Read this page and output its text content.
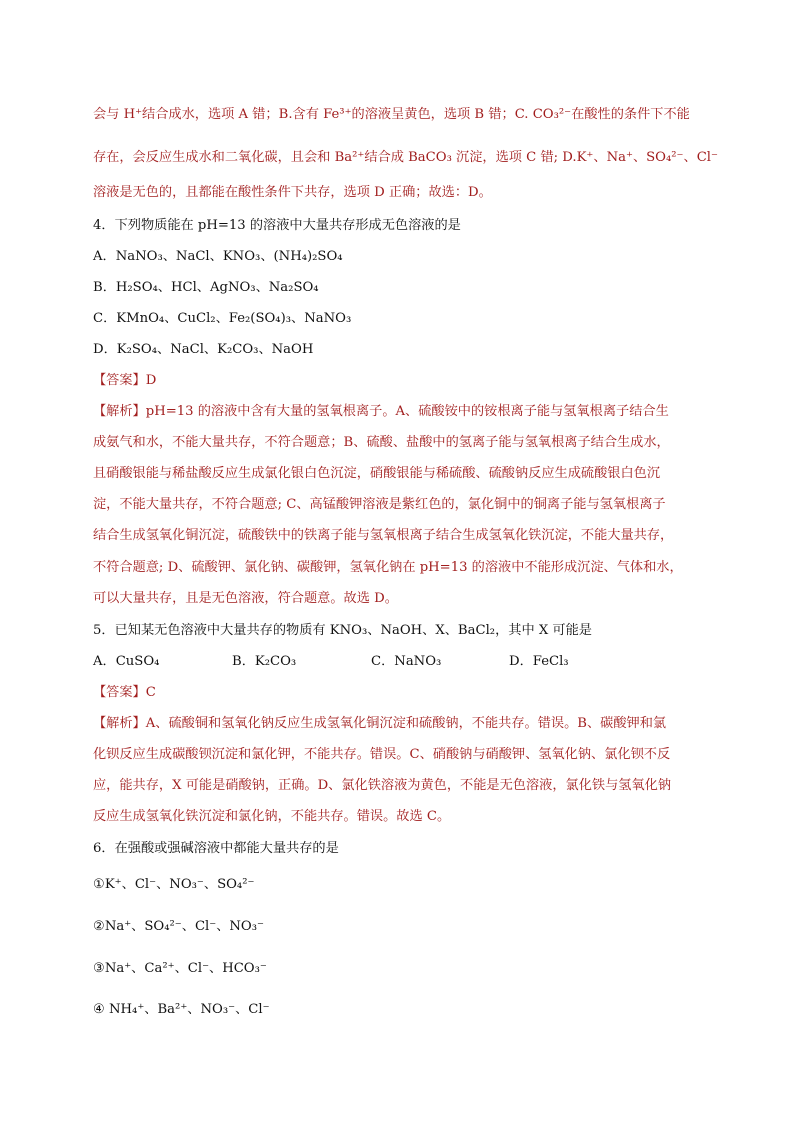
会与 H⁺结合成水，选项 A 错；B.含有 Fe³⁺的溶液呈黄色，选项 B 错；C. CO₃²⁻在酸性的条件下不能
存在，会反应生成水和二氧化碳，且会和 Ba²⁺结合成 BaCO₃ 沉淀，选项 C 错; D.K⁺、Na⁺、SO₄²⁻、Cl⁻
溶液是无色的，且都能在酸性条件下共存，选项 D 正确；故选：D。
4．下列物质能在 pH=13 的溶液中大量共存形成无色溶液的是
A．NaNO₃、NaCl、KNO₃、(NH₄)₂SO₄
B．H₂SO₄、HCl、AgNO₃、Na₂SO₄
C．KMnO₄、CuCl₂、Fe₂(SO₄)₃、NaNO₃
D．K₂SO₄、NaCl、K₂CO₃、NaOH
【答案】D
【解析】pH=13 的溶液中含有大量的氢氧根离子。A、硫酸铵中的铵根离子能与氢氧根离子结合生
成氨气和水，不能大量共存，不符合题意；B、硫酸、盐酸中的氢离子能与氢氧根离子结合生成水，
且硝酸银能与稀盐酸反应生成氯化银白色沉淀，硝酸银能与稀硫酸、硫酸钠反应生成硫酸银白色沉
淀，不能大量共存，不符合题意; C、高锰酸钾溶液是紫红色的，氯化铜中的铜离子能与氢氧根离子
结合生成氢氧化铜沉淀，硫酸铁中的铁离子能与氢氧根离子结合生成氢氧化铁沉淀，不能大量共存，
不符合题意; D、硫酸钾、氯化钠、碳酸钾，氢氧化钠在 pH=13 的溶液中不能形成沉淀、气体和水，
可以大量共存，且是无色溶液，符合题意。故选 D。
5．已知某无色溶液中大量共存的物质有 KNO₃、NaOH、X、BaCl₂，其中 X 可能是
A．CuSO₄	B．K₂CO₃	C．NaNO₃	D．FeCl₃
【答案】C
【解析】A、硫酸铜和氢氧化钠反应生成氢氧化铜沉淀和硫酸钠，不能共存。错误。B、碳酸钾和氯
化钡反应生成碳酸钡沉淀和氯化钾，不能共存。错误。C、硝酸钠与硝酸钾、氢氧化钠、氯化钡不反
应，能共存，X 可能是硝酸钠，正确。D、氯化铁溶液为黄色，不能是无色溶液，氯化铁与氢氧化钠
反应生成氢氧化铁沉淀和氯化钠，不能共存。错误。故选 C。
6．在强酸或强碱溶液中都能大量共存的是
①K⁺、Cl⁻、NO₃⁻、SO₄²⁻
②Na⁺、SO₄²⁻、Cl⁻、NO₃⁻
③Na⁺、Ca²⁺、Cl⁻、HCO₃⁻
④ NH₄⁺、Ba²⁺、NO₃⁻、Cl⁻
